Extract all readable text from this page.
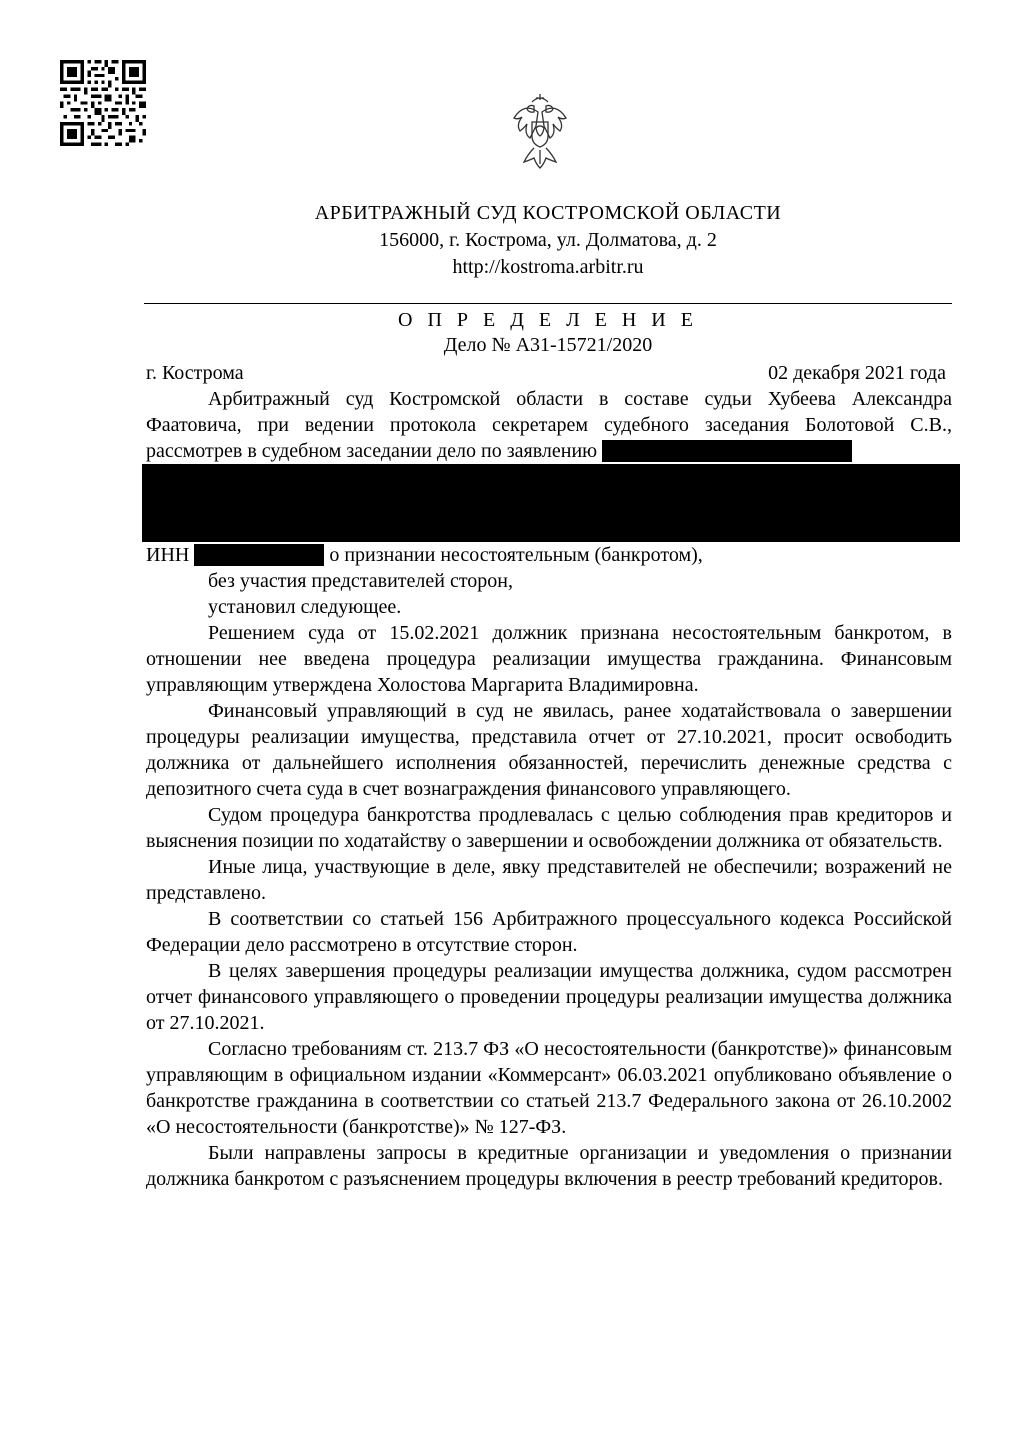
АРБИТРАЖНЫЙ СУД КОСТРОМСКОЙ ОБЛАСТИ
156000, г. Кострома, ул. Долматова, д. 2
http://kostroma.arbitr.ru
О П Р Е Д Е Л Е Н И Е
Дело № А31-15721/2020
г. Кострома	02 декабря 2021 года

Арбитражный суд Костромской области в составе судьи Хубеева Александра Фаатовича, при ведении протокола секретарем судебного заседания Болотовой С.В., рассмотрев в судебном заседании дело по заявлению                          

ИНН              	о признании несостоятельным (банкротом),

без участия представителей сторон,

установил следующее.

Решением суда от 15.02.2021 должник признана несостоятельным банкротом, в отношении нее введена процедура реализации имущества гражданина. Финансовым управляющим утверждена Холостова Маргарита Владимировна.

Финансовый управляющий в суд не явилась, ранее ходатайствовала о завершении процедуры реализации имущества, представила отчет от 27.10.2021, просит освободить должника от дальнейшего исполнения обязанностей, перечислить денежные средства с депозитного счета суда в счет вознаграждения финансового управляющего.

Судом процедура банкротства продлевалась с целью соблюдения прав кредиторов и выяснения позиции по ходатайству о завершении и освобождении должника от обязательств.

Иные лица, участвующие в деле, явку представителей не обеспечили; возражений не представлено.

В соответствии со статьей 156 Арбитражного процессуального кодекса Российской Федерации дело рассмотрено в отсутствие сторон.

В целях завершения процедуры реализации имущества должника, судом рассмотрен отчет финансового управляющего о проведении процедуры реализации имущества должника от 27.10.2021.

Согласно требованиям ст. 213.7 ФЗ «О несостоятельности (банкротстве)» финансовым управляющим в официальном издании «Коммерсант» 06.03.2021 опубликовано объявление о банкротстве гражданина в соответствии со статьей 213.7 Федерального закона от 26.10.2002 «О несостоятельности (банкротстве)» № 127-ФЗ.

Были направлены запросы в кредитные организации и уведомления о признании должника банкротом с разъяснением процедуры включения в реестр требований кредиторов.
